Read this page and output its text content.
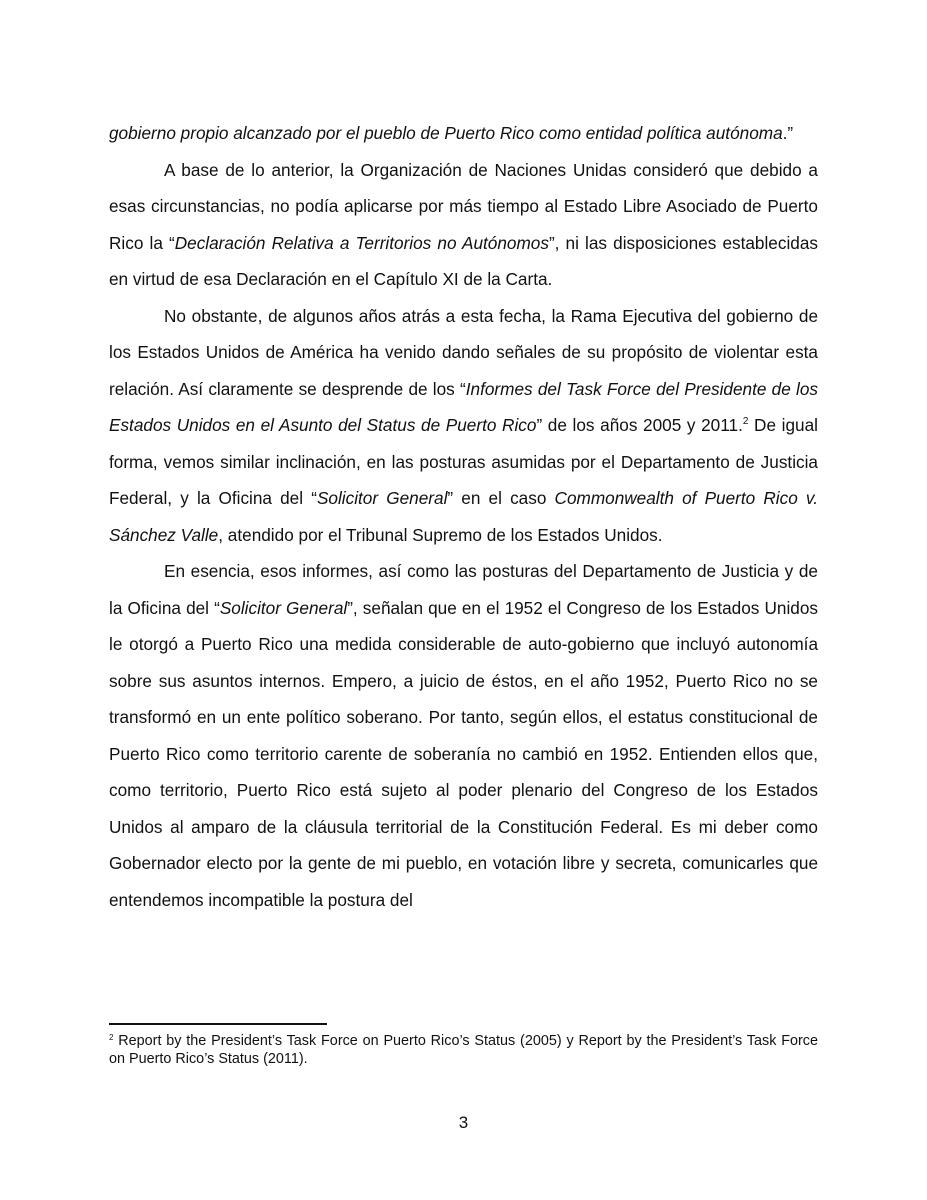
gobierno propio alcanzado por el pueblo de Puerto Rico como entidad política autónoma.”

A base de lo anterior, la Organización de Naciones Unidas consideró que debido a esas circunstancias, no podía aplicarse por más tiempo al Estado Libre Asociado de Puerto Rico la “Declaración Relativa a Territorios no Autónomos”, ni las disposiciones establecidas en virtud de esa Declaración en el Capítulo XI de la Carta.

No obstante, de algunos años atrás a esta fecha, la Rama Ejecutiva del gobierno de los Estados Unidos de América ha venido dando señales de su propósito de violentar esta relación. Así claramente se desprende de los “Informes del Task Force del Presidente de los Estados Unidos en el Asunto del Status de Puerto Rico” de los años 2005 y 2011.$^2$ De igual forma, vemos similar inclinación, en las posturas asumidas por el Departamento de Justicia Federal, y la Oficina del “Solicitor General” en el caso Commonwealth of Puerto Rico v. Sánchez Valle, atendido por el Tribunal Supremo de los Estados Unidos.

En esencia, esos informes, así como las posturas del Departamento de Justicia y de la Oficina del “Solicitor General”, señalan que en el 1952 el Congreso de los Estados Unidos le otorgó a Puerto Rico una medida considerable de auto-gobierno que incluyó autonomía sobre sus asuntos internos. Empero, a juicio de éstos, en el año 1952, Puerto Rico no se transformó en un ente político soberano. Por tanto, según ellos, el estatus constitucional de Puerto Rico como territorio carente de soberanía no cambió en 1952. Entienden ellos que, como territorio, Puerto Rico está sujeto al poder plenario del Congreso de los Estados Unidos al amparo de la cláusula territorial de la Constitución Federal. Es mi deber como Gobernador electo por la gente de mi pueblo, en votación libre y secreta, comunicarles que entendemos incompatible la postura del

$^2$ Report by the President’s Task Force on Puerto Rico’s Status (2005) y Report by the President’s Task Force on Puerto Rico’s Status (2011).
3
